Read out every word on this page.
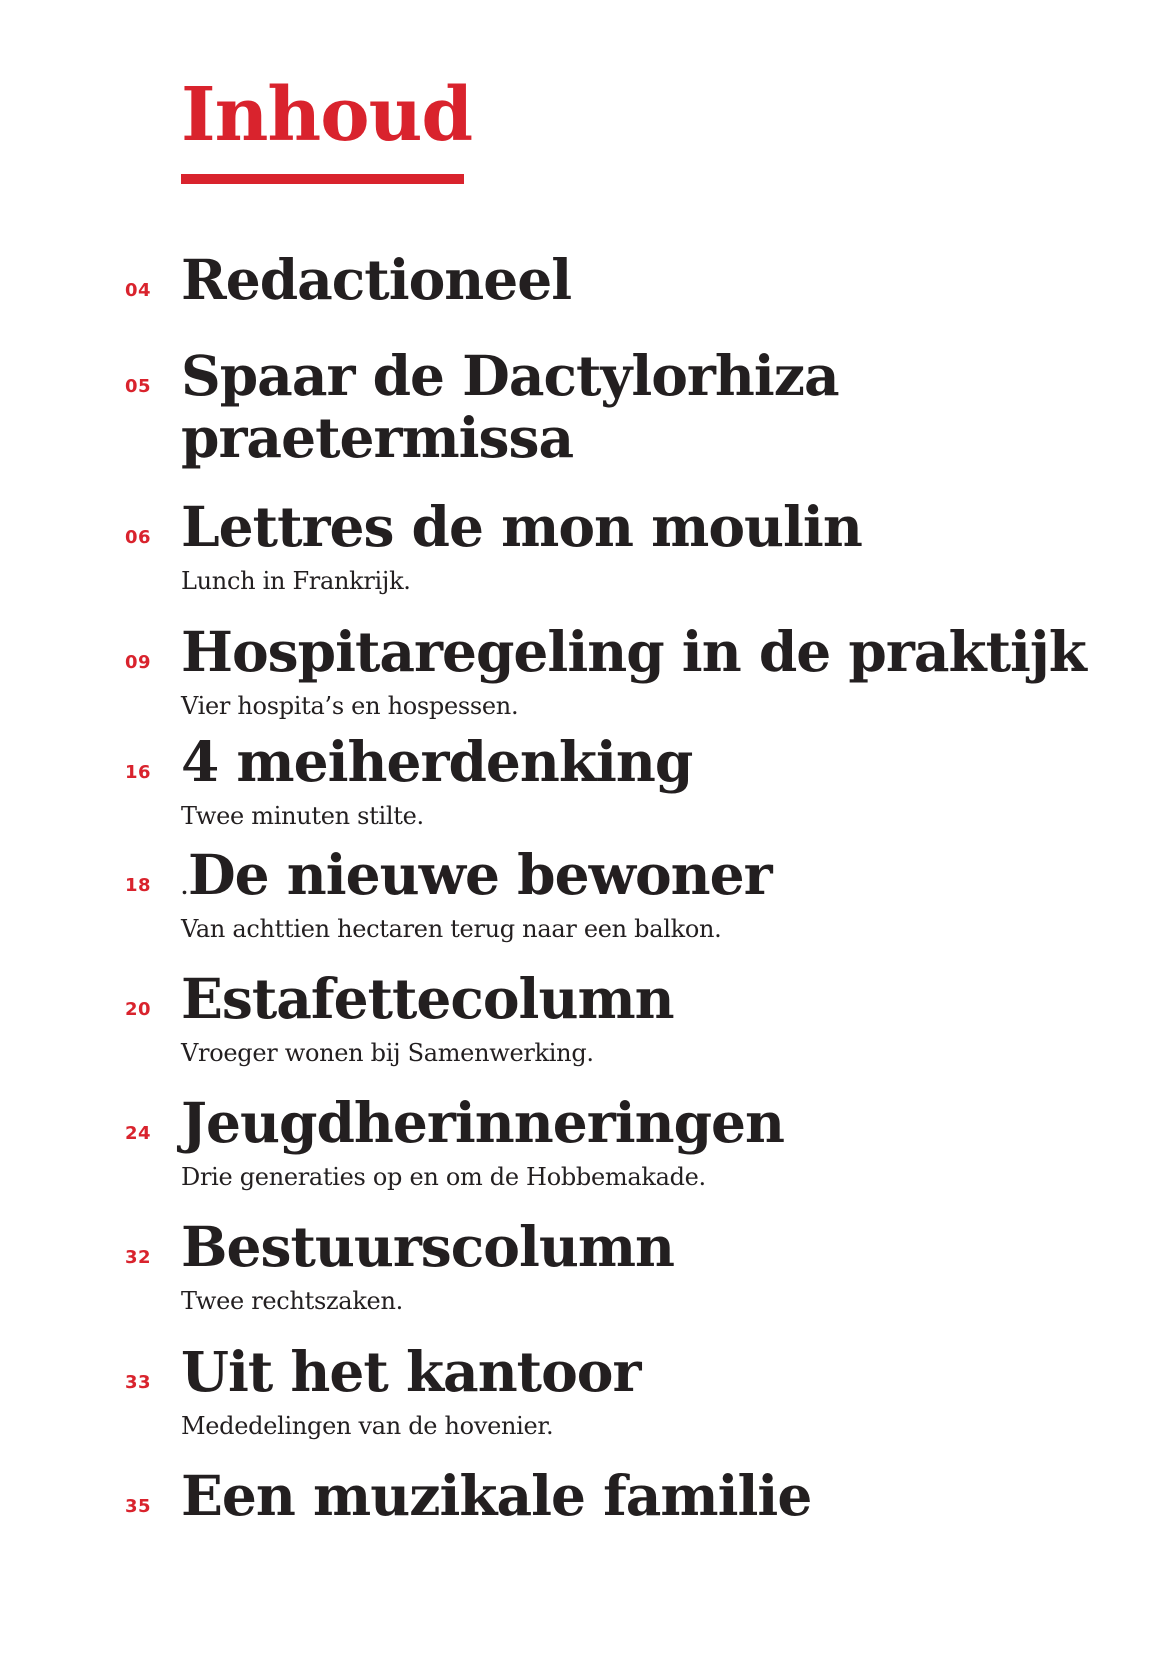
Inhoud
04 Redactioneel
05 Spaar de Dactylorhiza
praetermissa
06 Lettres de mon moulin
Lunch in Frankrijk.
09 Hospitaregeling in de praktijk
Vier hospita’s en hospessen.
16 4 meiherdenking
Twee minuten stilte.
18	.De nieuwe bewoner
Van achttien hectaren terug naar een balkon.
20 Estafettecolumn
Vroeger wonen bij Samenwerking.
24 Jeugdherinneringen
Drie generaties op en om de Hobbemakade.
32 Bestuurscolumn
Twee rechtszaken.
33 Uit het kantoor
Mededelingen van de hovenier.
35 Een muzikale familie
